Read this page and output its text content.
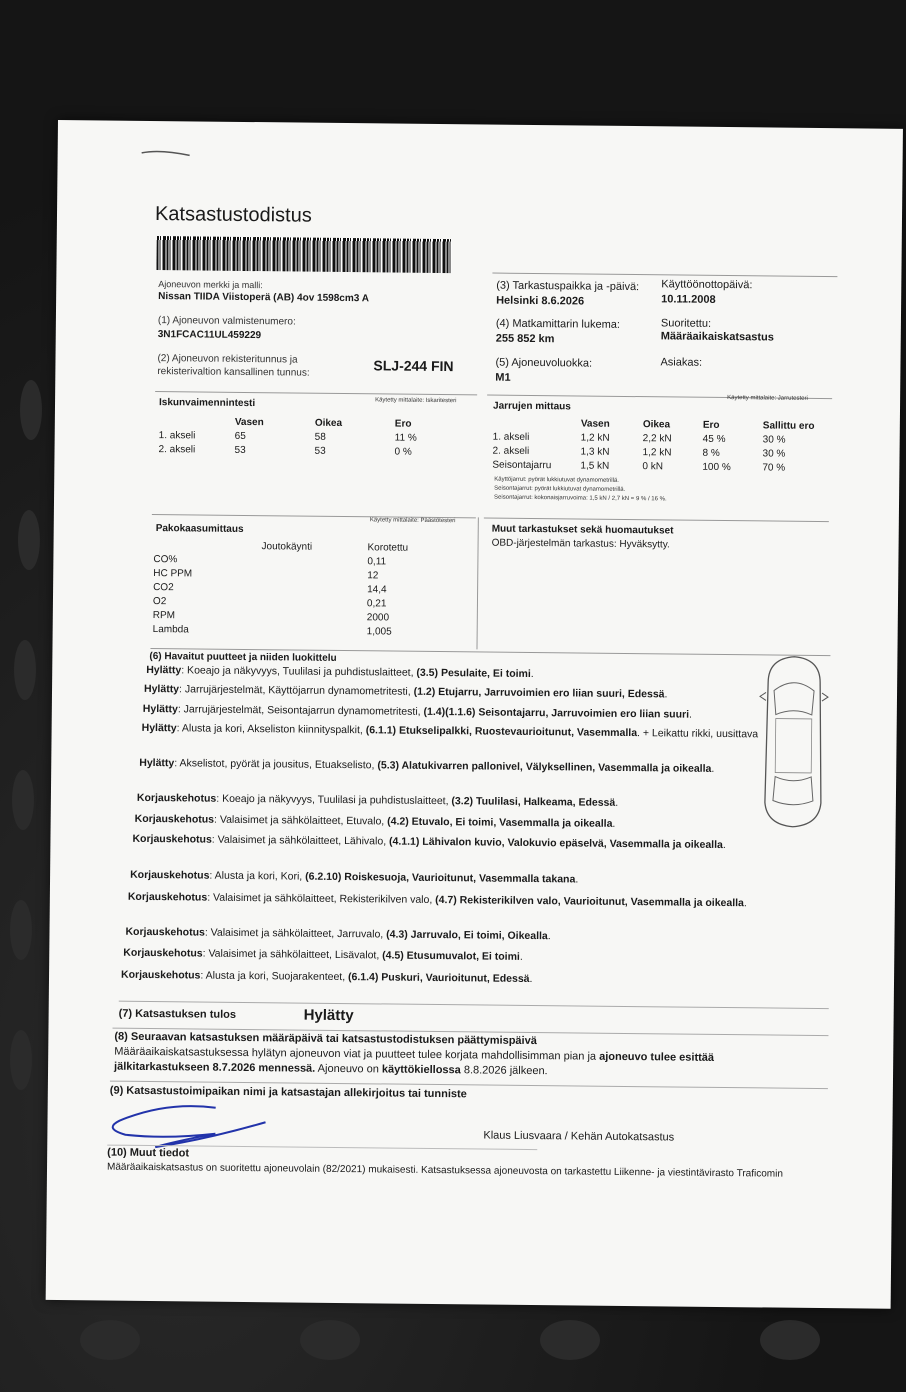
Katsastustodistus
Ajoneuvon merkki ja malli:
Nissan TIIDA Viistoperä (AB) 4ov 1598cm3 A
(1) Ajoneuvon valmistenumero:
3N1FCAC11UL459229
(2) Ajoneuvon rekisteritunnus ja
rekisterivaltion kansallinen tunnus:	SLJ-244 FIN
(3) Tarkastuspaikka ja -päivä:
Helsinki 8.6.2026
Käyttöönottopäivä:
10.11.2008
(4) Matkamittarin lukema:
255 852 km
Suoritettu:
Määräaikaiskatsastus
(5) Ajoneuvoluokka:
M1
Asiakas:
Iskunvaimennintesti	Käytetty mittalaite: Iskaritesteri
	Vasen	Oikea	Ero
1. akseli	65	58	11 %
2. akseli	53	53	0 %
Jarrujen mittaus
Käytetty mittalaite: Jarrutesteri
	Vasen	Oikea	Ero	Sallittu ero
1. akseli	1,2 kN	2,2 kN	45 %	30 %
2. akseli	1,3 kN	1,2 kN	8 %	30 %
Seisontajarru	1,5 kN	0 kN	100 %	70 %
Käyttöjarrut: pyörät lukkiutuvat dynamometrillä.
Seisontajarrut: pyörät lukkiutuvat dynamometrillä.
Seisontajarrut: kokonaisjarruvoima: 1,5 kN / 2,7 kN = 9 % / 16 %.
Pakokaasumittaus
Käytetty mittalaite: Päästötesteri
	Joutokäynti	Korotettu
CO%		0,11
HC PPM		12
CO2		14,4
O2		0,21
RPM		2000
Lambda		1,005
Muut tarkastukset sekä huomautukset
OBD-järjestelmän tarkastus: Hyväksytty.
(6) Havaitut puutteet ja niiden luokittelu
Hylätty: Koeajo ja näkyvyys, Tuulilasi ja puhdistuslaitteet, (3.5) Pesulaite, Ei toimi.
Hylätty: Jarrujärjestelmät, Käyttöjarrun dynamometritesti, (1.2) Etujarru, Jarruvoimien ero liian suuri, Edessä.
Hylätty: Jarrujärjestelmät, Seisontajarrun dynamometritesti, (1.4)(1.1.6) Seisontajarru, Jarruvoimien ero liian suuri.
Hylätty: Alusta ja kori, Akseliston kiinnityspalkit, (6.1.1) Etukselipalkki, Ruostevaurioitunut, Vasemmalla. + Leikattu rikki, uusittava
Hylätty: Akselistot, pyörät ja jousitus, Etuakselisto, (5.3) Alatukivarren pallonivel, Välyksellinen, Vasemmalla ja oikealla.
Korjauskehotus: Koeajo ja näkyvyys, Tuulilasi ja puhdistuslaitteet, (3.2) Tuulilasi, Halkeama, Edessä.
Korjauskehotus: Valaisimet ja sähkölaitteet, Etuvalo, (4.2) Etuvalo, Ei toimi, Vasemmalla ja oikealla.
Korjauskehotus: Valaisimet ja sähkölaitteet, Lähivalo, (4.1.1) Lähivalon kuvio, Valokuvio epäselvä, Vasemmalla ja oikealla.
Korjauskehotus: Alusta ja kori, Kori, (6.2.10) Roiskesuoja, Vaurioitunut, Vasemmalla takana.
Korjauskehotus: Valaisimet ja sähkölaitteet, Rekisterikilven valo, (4.7) Rekisterikilven valo, Vaurioitunut, Vasemmalla ja oikealla.
Korjauskehotus: Valaisimet ja sähkölaitteet, Jarruvalo, (4.3) Jarruvalo, Ei toimi, Oikealla.
Korjauskehotus: Valaisimet ja sähkölaitteet, Lisävalot, (4.5) Etusumuvalot, Ei toimi.
Korjauskehotus: Alusta ja kori, Suojarakenteet, (6.1.4) Puskuri, Vaurioitunut, Edessä.
(7) Katsastuksen tulos	Hylätty
(8) Seuraavan katsastuksen määräpäivä tai katsastustodistuksen päättymispäivä
Määräaikaiskatsastuksessa hylätyn ajoneuvon viat ja puutteet tulee korjata mahdollisimman pian ja ajoneuvo tulee esittää
jälkitarkastukseen 8.7.2026 mennessä. Ajoneuvo on käyttökiellossa 8.8.2026 jälkeen.
(9) Katsastustoimipaikan nimi ja katsastajan allekirjoitus tai tunniste
Klaus Liusvaara / Kehän Autokatsastus
(10) Muut tiedot
Määräaikaiskatsastus on suoritettu ajoneuvolain (82/2021) mukaisesti. Katsastuksessa ajoneuvosta on tarkastettu Liikenne- ja viestintävirasto Traficomin
